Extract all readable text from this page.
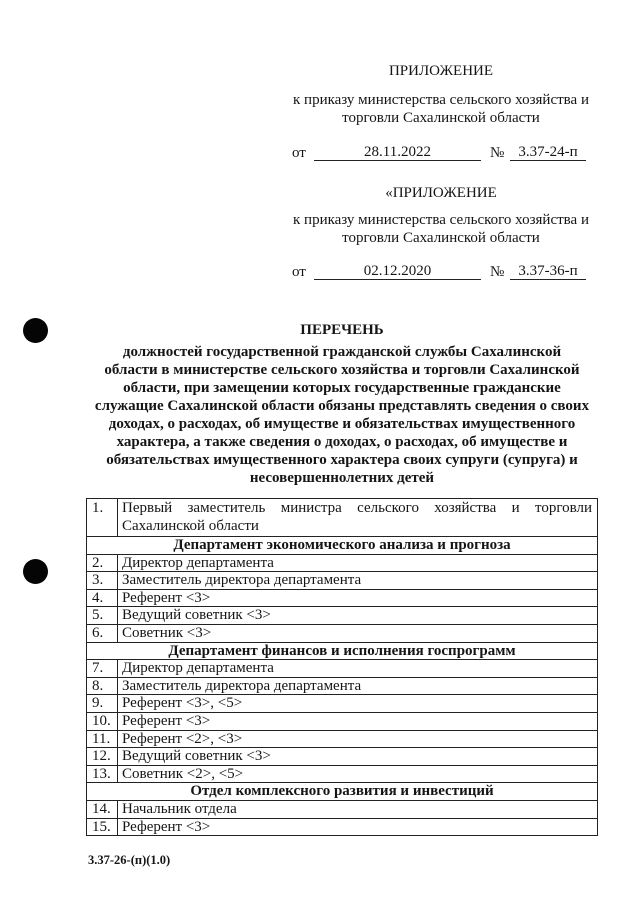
ПРИЛОЖЕНИЕ
к приказу министерства сельского хозяйства и
торговли Сахалинской области
от	28.11.2022	№ 3.37-24-п
«ПРИЛОЖЕНИЕ
к приказу министерства сельского хозяйства и
торговли Сахалинской области
от	02.12.2020	№ 3.37-36-п
ПЕРЕЧЕНЬ
должностей государственной гражданской службы Сахалинской
области в министерстве сельского хозяйства и торговли Сахалинской
области, при замещении которых государственные гражданские
служащие Сахалинской области обязаны представлять сведения о своих
доходах, о расходах, об имуществе и обязательствах имущественного
характера, а также сведения о доходах, о расходах, об имуществе и
обязательствах имущественного характера своих супруги (супруга) и
несовершеннолетних детей
1.	Первый заместитель министра сельского хозяйства и торговли Сахалинской области
Департамент экономического анализа и прогноза
2.	Директор департамента
3.	Заместитель директора департамента
4.	Референт <3>
5.	Ведущий советник <3>
6.	Советник <3>
Департамент финансов и исполнения госпрограмм
7.	Директор департамента
8.	Заместитель директора департамента
9.	Референт <3>, <5>
10. Референт <3>
11. Референт <2>, <3>
12. Ведущий советник <3>
13. Советник <2>, <5>
Отдел комплексного развития и инвестиций
14. Начальник отдела
15. Референт <3>
3.37-26-(п)(1.0)
